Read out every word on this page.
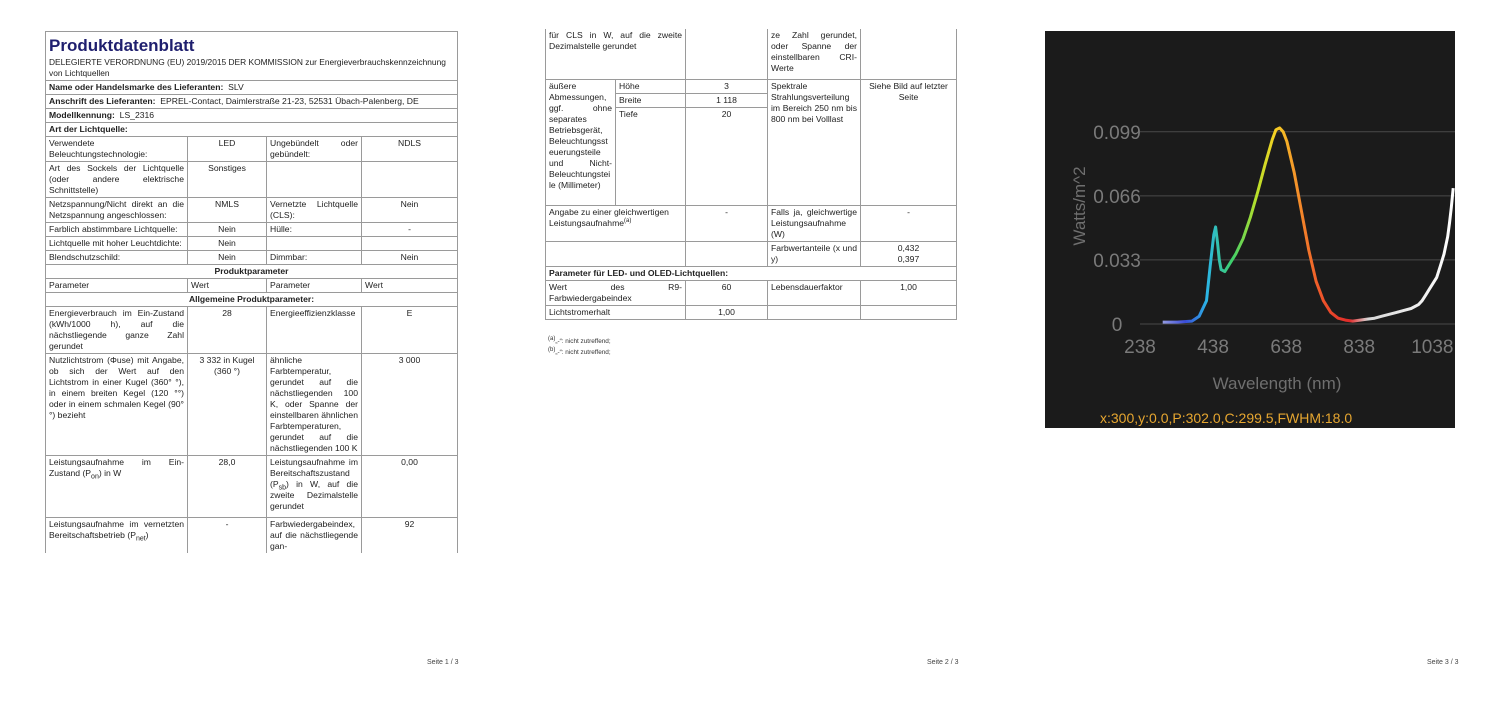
Produktdatenblatt
DELEGIERTE VERORDNUNG (EU) 2019/2015 DER KOMMISSION zur Energieverbrauchskennzeichnung von Lichtquellen			

Name oder Handelsmarke des Lieferanten: SLV			
Anschrift des Lieferanten: EPREL-Contact, Daimlerstraße 21-23, 52531 Übach-Palenberg, DE			
Modellkennung: LS_2316			
Art der Lichtquelle:			
Verwendete Beleuchtungstechnologie:	LED	Ungebündelt oder gebündelt:	NDLS
Art des Sockels der Lichtquelle (oder andere elektrische Schnittstelle)	Sonstiges		
Netzspannung/Nicht direkt an die Netzspannung angeschlossen:	NMLS	Vernetzte Lichtquelle (CLS):	Nein
Farblich abstimmbare Lichtquelle:	Nein	Hülle:	-
Lichtquelle mit hoher Leuchtdichte:	Nein		
Blendschutzschild:	Nein	Dimmbar:	Nein
Produktparameter			
Parameter	Wert	Parameter	Wert
Allgemeine Produktparameter:			
Energieverbrauch im Ein-Zustand (kWh/1000 h), auf die nächstliegende ganze Zahl gerundet	28	Energieeffizienzklasse	E
Nutzlichtstrom (Φuse) mit Angabe, ob sich der Wert auf den Lichtstrom in einer Kugel (360° °), in einem breiten Kegel (120 °°) oder in einem schmalen Kegel (90° °) bezieht	3 332 in Kugel (360 °)	ähnliche Farbtemperatur, gerundet auf die nächstliegenden 100 K, oder Spanne der einstellbaren ähnlichen Farbtemperaturen, gerundet auf die nächstliegenden 100 K	3 000
Leistungsaufnahme im Ein-Zustand $(P_{on})$ in W	28,0	Leistungsaufnahme im Bereitschaftszustand $(P_{sb})$ in W, auf die zweite Dezimalstelle gerundet	0,00
Leistungsaufnahme im vernetzten Bereitschaftsbetrieb $(P_{net})$	-	Farbwiedergabeindex, auf die nächstliegende gan-	92
Seite 1 / 3
für CLS in W, auf die zweite Dezimalstelle gerundet			ze Zahl gerundet, oder Spanne der einstellbaren CRI-Werte	
äußere Abmessungen, ggf. ohne separates Betriebsgerät, Beleuchtungssteuerungsteile und Nicht-Beleuchtungsteile (Millimeter)	Höhe	3	Spektrale Strahlungsverteilung im Bereich 250 nm bis 800 nm bei Volllast	Siehe Bild auf letzter Seite
	Breite	1 118		
	Tiefe	20		
Angabe zu einer gleichwertigen Leistungsaufnahme$^{(a)}$		-	Falls ja, gleichwertige Leistungsaufnahme (W)	-
			Farbwertanteile (x und y)	0,432
0,397

Parameter für LED- und OLED-Lichtquellen:				
Wert des R9-Farbwiedergabeindex		60	Lebensdauerfaktor	1,00
Lichtstromerhalt		1,00		
(a)„-“: nicht zutreffend;
(b)„-“: nicht zutreffend;
Seite 2 / 3
0
0.033
0.066
0.099
238 438 638 838 1038
Watts/m^2
Wavelength (nm)
x:300,y:0.0,P:302.0,C:299.5,FWHM:18.0
Seite 3 / 3
